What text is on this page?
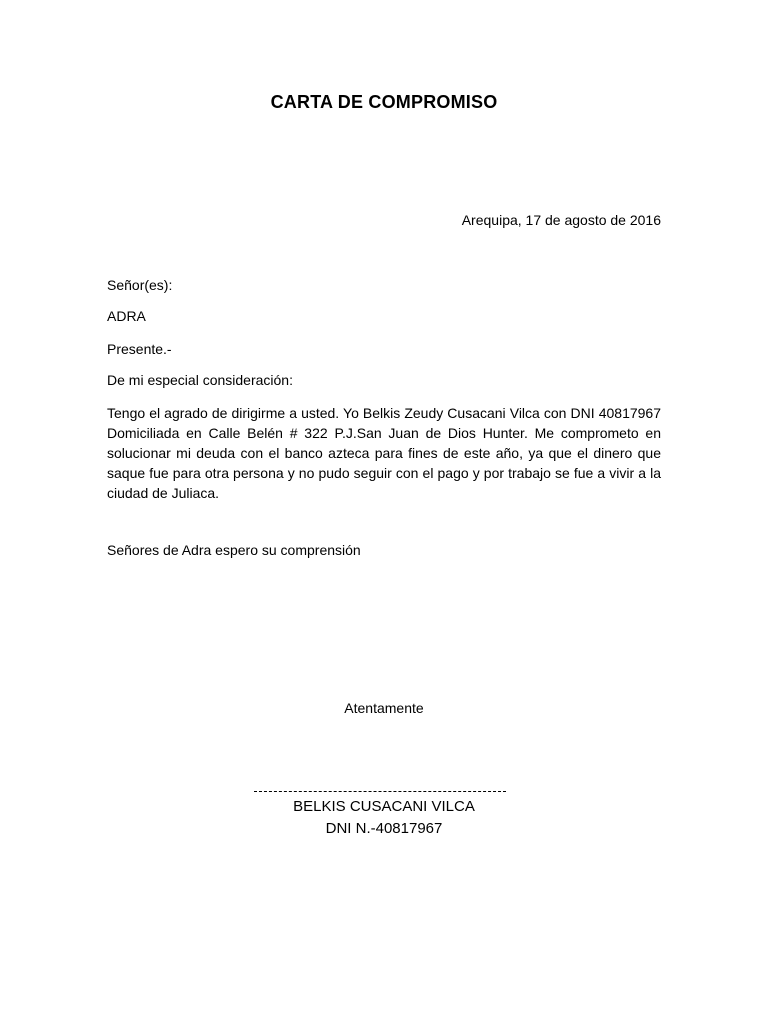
CARTA DE COMPROMISO
Arequipa, 17 de agosto de 2016
Señor(es):
ADRA
Presente.-
De mi especial consideración:
Tengo el agrado de dirigirme a usted. Yo Belkis Zeudy Cusacani Vilca con DNI 40817967 Domiciliada en Calle Belén # 322 P.J.San Juan de Dios Hunter. Me comprometo en solucionar mi deuda con el banco azteca para fines de este año, ya que el dinero que saque fue para otra persona y no pudo seguir con el pago y por trabajo se fue a vivir a la ciudad de Juliaca.
Señores de Adra espero su comprensión
Atentamente
BELKIS CUSACANI VILCA
DNI N.-40817967
